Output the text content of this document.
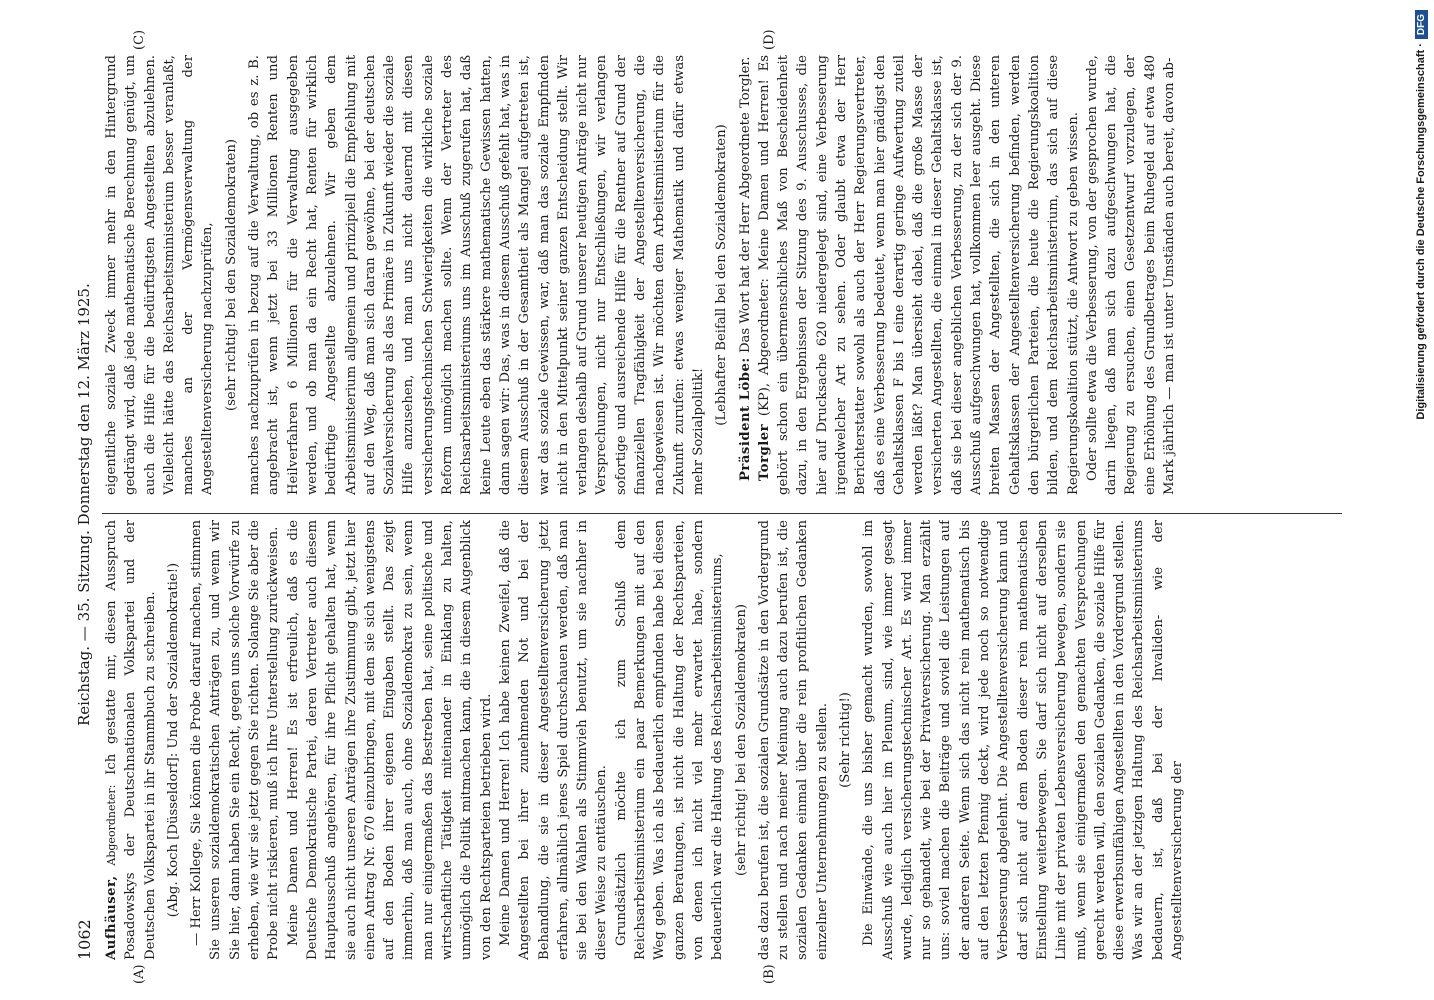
1062
Reichstag. — 35. Sitzung. Donnerstag den 12. März 1925.
(A)	(B)
(C)	(D)

Aufhäuser, Abgeordneter: Ich gestatte mir, diesen Ausspruch Posadowskys der Deutschnationalen Volkspartei und der Deutschen Volkspartei in ihr Stammbuch zu schreiben. (Abg. Koch [Düsseldorf]: Und der Sozialdemokratie!) — Herr Kollege, Sie können die Probe darauf machen, stimmen Sie unseren sozialdemokratischen Anträgen zu, und wenn wir Sie hier, dann haben Sie ein Recht, gegen uns solche Vorwürfe zu erheben, wie wir sie jetzt gegen Sie richten. Solange Sie aber die Probe nicht riskieren, muß ich Ihre Unterstellung zurückweisen. Meine Damen und Herren! Es ist erfreulich, daß es die Deutsche Demokratische Partei, deren Vertreter auch diesem Hauptausschuß angehören, für ihre Pflicht gehalten hat, wenn sie auch nicht unseren Anträgen ihre Zustimmung gibt, jetzt hier einen Antrag Nr. 670 einzubringen, mit dem sie sich wenigstens auf den Boden ihrer eigenen Eingaben stellt. Das zeigt immerhin, daß man auch, ohne Sozialdemokrat zu sein, wenn man nur einigermaßen das Bestreben hat, seine politische und wirtschaftliche Tätigkeit miteinander in Einklang zu halten, unmöglich die Politik mitmachen kann, die in diesem Augenblick von den Rechtsparteien betrieben wird. Meine Damen und Herren! Ich habe keinen Zweifel, daß die Angestellten bei ihrer zunehmenden Not und bei der Behandlung, die sie in dieser Angestelltenversicherung jetzt erfahren, allmählich jenes Spiel durchschauen werden, daß man sie bei den Wahlen als Stimmvieh benutzt, um sie nachher in dieser Weise zu enttäuschen. Grundsätzlich möchte ich zum Schluß dem Reichsarbeitsministerium ein paar Bemerkungen mit auf den Weg geben. Was ich als bedauerlich empfunden habe bei diesen ganzen Beratungen, ist nicht die Haltung der Rechtsparteien, von denen ich nicht viel mehr erwartet habe, sondern bedauerlich war die Haltung des Reichsarbeitsministeriums, (sehr richtig! bei den Sozialdemokraten) das dazu berufen ist, die sozialen Grundsätze in den Vordergrund zu stellen und nach meiner Meinung auch dazu berufen ist, die sozialen Gedanken einmal über die rein profitlichen Gedanken einzelner Unternehmungen zu stellen. (Sehr richtig!) Die Einwände, die uns bisher gemacht wurden, sowohl im Ausschuß wie auch hier im Plenum, sind, wie immer gesagt wurde, lediglich versicherungstechnischer Art. Es wird immer nur so gehandelt, wie bei der Privatversicherung. Man erzählt uns: soviel machen die Beiträge und soviel die Leistungen auf der anderen Seite. Wenn sich das nicht rein mathematisch bis auf den letzten Pfennig deckt, wird jede noch so notwendige Verbesserung abgelehnt. Die Angestelltenversicherung kann und darf sich nicht auf dem Boden dieser rein mathematischen Einstellung weiterbewegen. Sie darf sich nicht auf derselben Linie mit der privaten Lebensversicherung bewegen, sondern sie muß, wenn sie einigermaßen den gemachten Versprechungen gerecht werden will, den sozialen Gedanken, die soziale Hilfe für diese erwerbsunfähigen Angestellten in den Vordergrund stellen. Was wir an der jetzigen Haltung des Reichsarbeitsministeriums bedauern, ist, daß bei der Invaliden- wie der Angestelltenversicherung der

eigentliche soziale Zweck immer mehr in den Hintergrund gedrängt wird, daß jede mathematische Berechnung genügt, um auch die Hilfe für die bedürftigsten Angestellten abzulehnen. Vielleicht hätte das Reichsarbeitsministerium besser veranlaßt, manches an der Vermögensverwaltung der Angestelltenversicherung nachzuprüfen, (sehr richtig! bei den Sozialdemokraten) manches nachzuprüfen in bezug auf die Verwaltung, ob es z. B. angebracht ist, wenn jetzt bei 33 Millionen Renten und Heilverfahren 6 Millionen für die Verwaltung ausgegeben werden, und ob man da ein Recht hat, Renten für wirklich bedürftige Angestellte abzulehnen. Wir geben dem Arbeitsministerium allgemein und prinzipiell die Empfehlung mit auf den Weg, daß man sich daran gewöhne, bei der deutschen Sozialversicherung als das Primäre in Zukunft wieder die soziale Hilfe anzusehen, und man uns nicht dauernd mit diesen versicherungstechnischen Schwierigkeiten die wirkliche soziale Reform unmöglich machen sollte. Wenn der Vertreter des Reichsarbeitsministeriums uns im Ausschuß zugerufen hat, daß keine Leute eben das stärkere mathematische Gewissen hatten, dann sagen wir: Das, was in diesem Ausschuß gefehlt hat, was in diesem Ausschuß in der Gesamtheit als Mangel aufgetreten ist, war das soziale Gewissen, war, daß man das soziale Empfinden nicht in den Mittelpunkt seiner ganzen Entscheidung stellt. Wir verlangen deshalb auf Grund unserer heutigen Anträge nicht nur Versprechungen, nicht nur Entschließungen, wir verlangen sofortige und ausreichende Hilfe für die Rentner auf Grund der finanziellen Tragfähigkeit der Angestelltenversicherung, die nachgewiesen ist. Wir möchten dem Arbeitsministerium für die Zukunft zurufen: etwas weniger Mathematik und dafür etwas mehr Sozialpolitik!

(Lebhafter Beifall bei den Sozialdemokraten) Präsident Löbe: Das Wort hat der Herr Abgeordnete Torgler.

Torgler (KP), Abgeordneter: Meine Damen und Herren! Es gehört schon ein übermenschliches Maß von Bescheidenheit dazu, in den Ergebnissen der Sitzung des 9. Ausschusses, die hier auf Drucksache 620 niedergelegt sind, eine Verbesserung irgendwelcher Art zu sehen. Oder glaubt etwa der Herr Berichterstatter sowohl als auch der Herr Regierungsvertreter, daß es eine Verbesserung bedeutet, wenn man hier gnädigst den Gehaltsklassen F bis I eine derartig geringe Aufwertung zuteil werden läßt? Man übersieht dabei, daß die große Masse der versicherten Angestellten, die einmal in dieser Gehaltsklasse ist, daß sie bei dieser angeblichen Verbesserung, zu der sich der 9. Ausschuß aufgeschwungen hat, vollkommen leer ausgeht. Diese breiten Massen der Angestellten, die sich in den unteren Gehaltsklassen der Angestelltenversicherung befinden, werden den bürgerlichen Parteien, die heute die Regierungskoalition bilden, und dem Reichsarbeitsministerium, das sich auf diese Regierungskoalition stützt, die Antwort zu geben wissen. Oder sollte etwa die Verbesserung, von der gesprochen wurde, darin liegen, daß man sich dazu aufgeschwungen hat, die Regierung zu ersuchen, einen Gesetzentwurf vorzulegen, der eine Erhöhung des Grundbetrages beim Ruhegeld auf etwa 480 Mark jährlich — man ist unter Umständen auch bereit, davon ab-	Digitalisierung gefördert durch die Deutsche Forschungsgemeinschaft ·
DFG
